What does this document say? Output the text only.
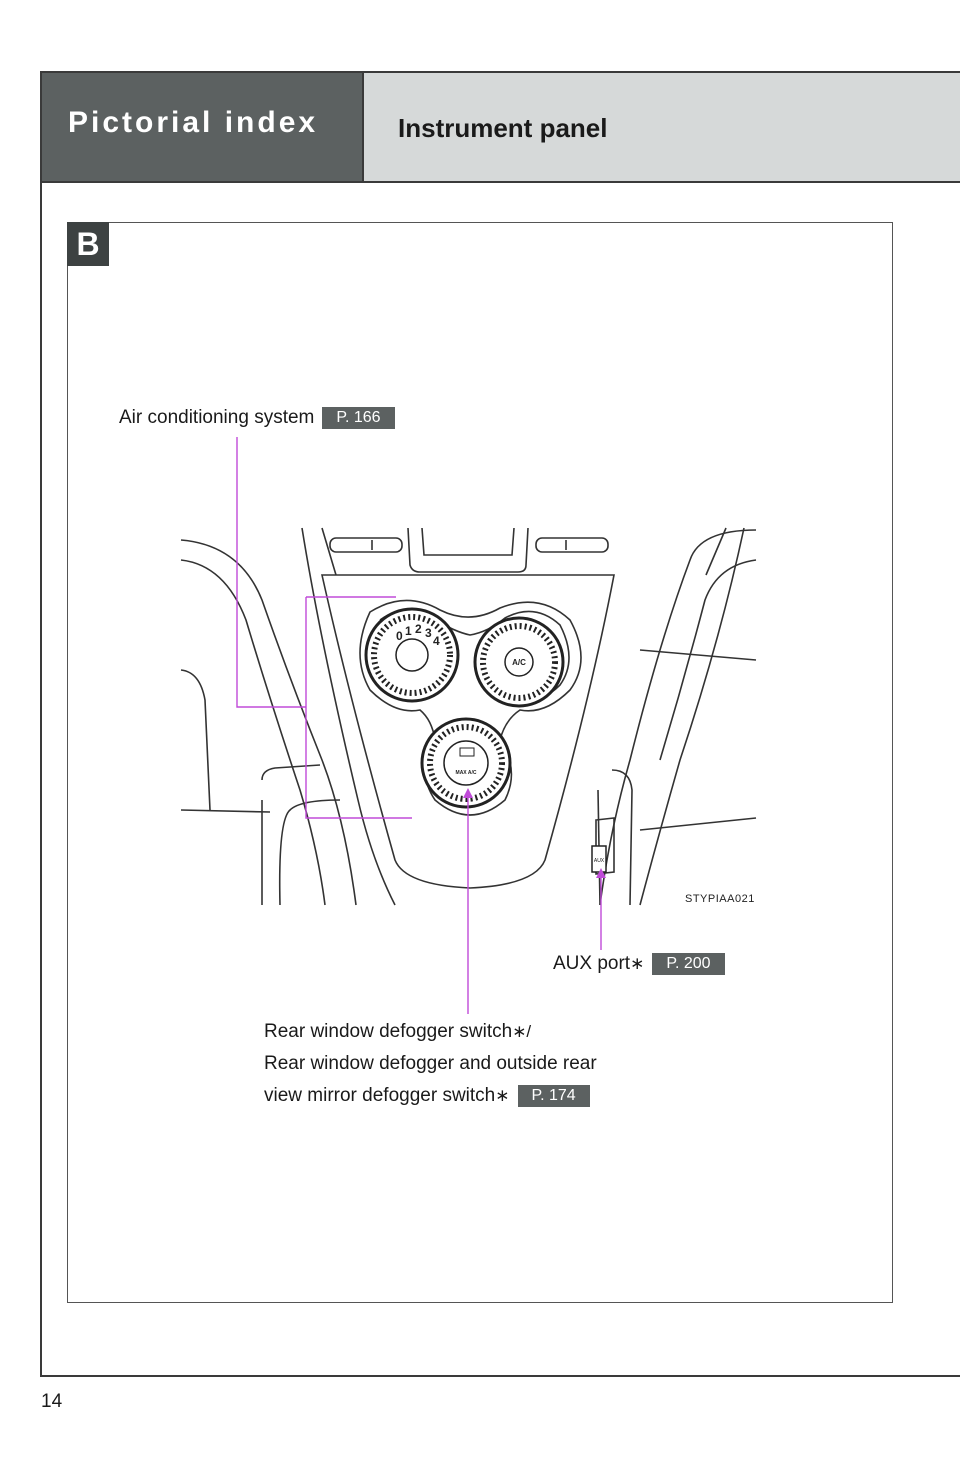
Pictorial index	Instrument panel
B
0 1 2 3
4
A/C
MAX A/C
AUX
Air conditioning system P. 166
AUX port∗ P. 200
Rear window defogger switch∗/
Rear window defogger and outside rear
view mirror defogger switch∗ P. 174
STYPIAA021
14
